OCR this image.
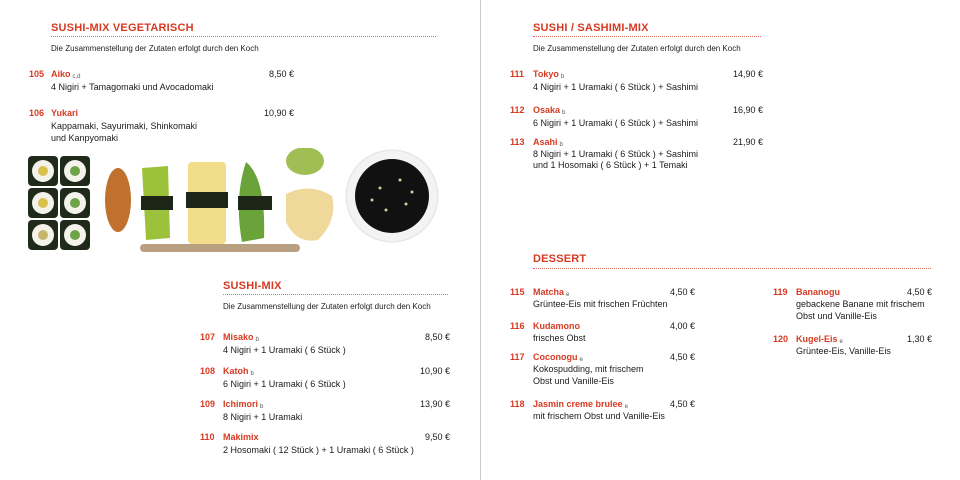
SUSHI-MIX VEGETARISCH
Die Zusammenstellung der Zutaten erfolgt durch den Koch
105 Aiko $^{c,d}$	8,50 €
4 Nigiri + Tamagomaki und Avocadomaki
106 Yukari	10,90 €
Kappamaki, Sayurimaki, Shinkomaki
und Kanpyomaki
SUSHI-MIX
Die Zusammenstellung der Zutaten erfolgt durch den Koch
107 Misako $^b$	8,50 €
4 Nigiri + 1 Uramaki ( 6 Stück )
108 Katoh $^b$	10,90 €
6 Nigiri + 1 Uramaki ( 6 Stück )
109 Ichimori $^b$	13,90 €
8 Nigiri + 1 Uramaki
110 Makimix	9,50 €
2 Hosomaki ( 12 Stück ) + 1 Uramaki ( 6 Stück )
SUSHI / SASHIMI-MIX
Die Zusammenstellung der Zutaten erfolgt durch den Koch
111 Tokyo $^b$	14,90 €
4 Nigiri + 1 Uramaki ( 6 Stück ) + Sashimi
112 Osaka $^b$	16,90 €
6 Nigiri + 1 Uramaki ( 6 Stück ) + Sashimi
113 Asahi $^b$	21,90 €
8 Nigiri + 1 Uramaki ( 6 Stück ) + Sashimi
und 1 Hosomaki ( 6 Stück ) + 1 Temaki
DESSERT
115 Matcha $^e$	4,50 €
Grüntee-Eis mit frischen Früchten
116 Kudamono	4,00 €
frisches Obst
117 Coconogu $^e$	4,50 €
Kokospudding, mit frischem
Obst und Vanille-Eis
118 Jasmin creme brulee $^e$	4,50 €
mit frischem Obst und Vanille-Eis
119 Bananogu	4,50 €
gebackene Banane mit frischem
Obst und Vanille-Eis
120 Kugel-Eis $^e$	1,30 €
Grüntee-Eis, Vanille-Eis
